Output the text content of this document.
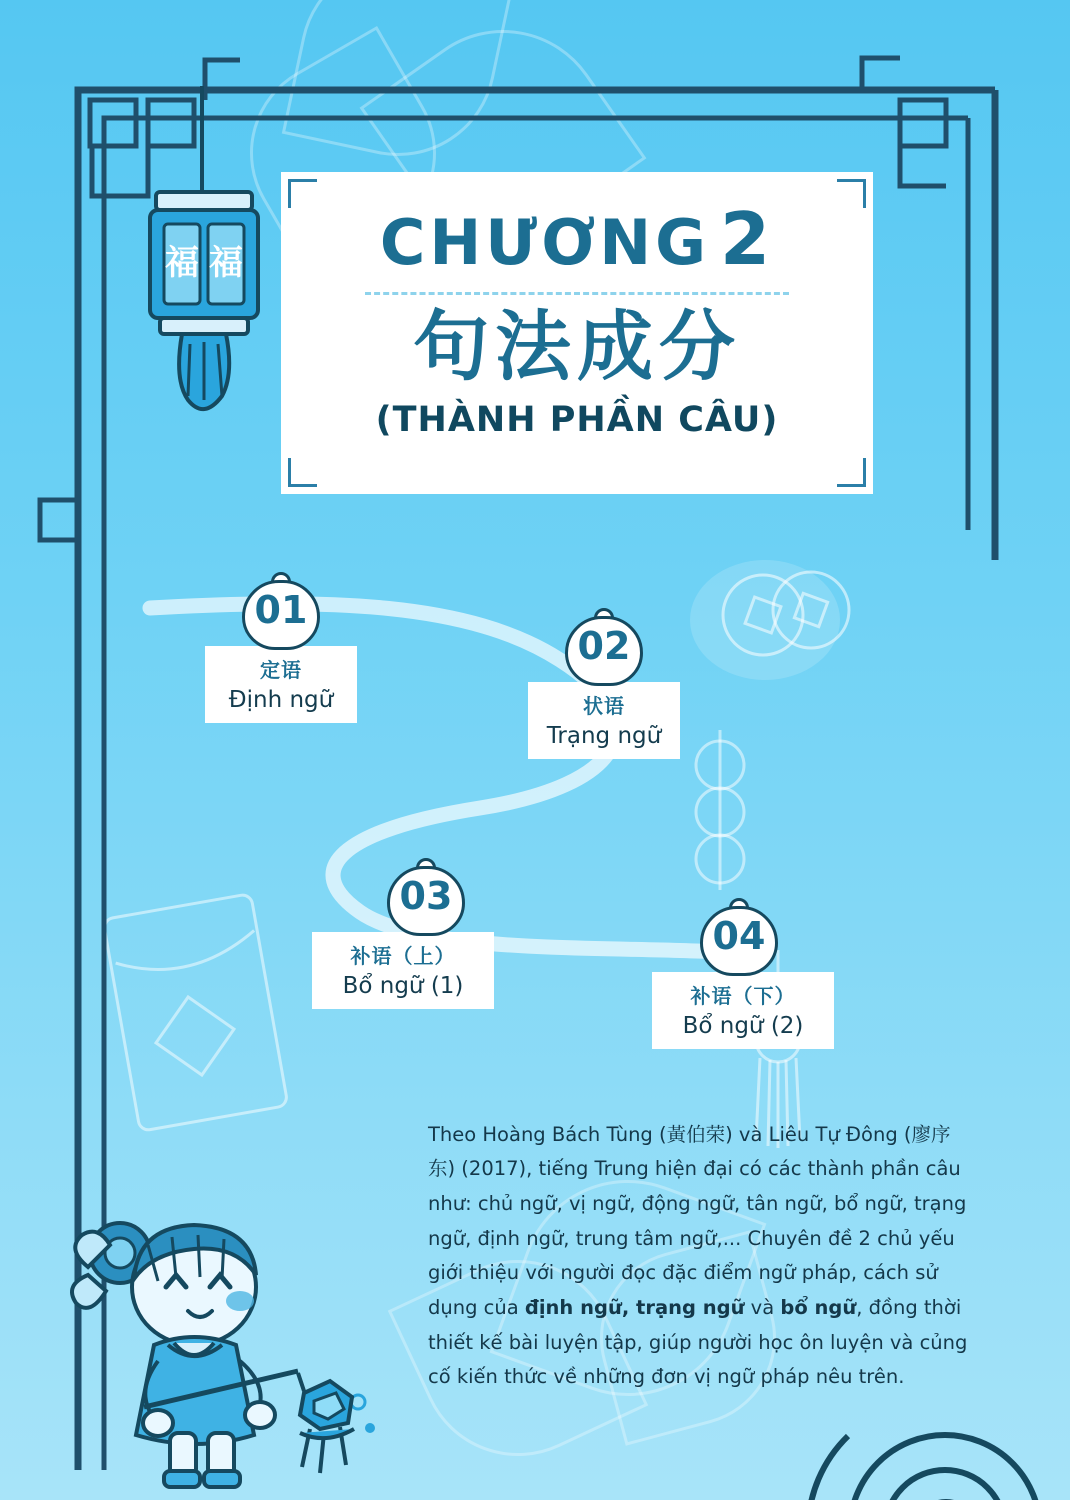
福 福	CHƯƠNG 2
句法成分
(THÀNH PHẦN CÂU)
01
定语
Định ngữ
02
状语
Trạng ngữ
03
补语（上）
Bổ ngữ (1)
04
补语（下）
Bổ ngữ (2)

Theo Hoàng Bách Tùng (黃伯荣) và Liêu Tự Đông (廖序东) (2017), tiếng Trung hiện đại có các thành phần câu như: chủ ngữ, vị ngữ, động ngữ, tân ngữ, bổ ngữ, trạng ngữ, định ngữ, trung tâm ngữ,... Chuyên đề 2 chủ yếu giới thiệu với người đọc đặc điểm ngữ pháp, cách sử dụng của định ngữ, trạng ngữ và bổ ngữ, đồng thời thiết kế bài luyện tập, giúp người học ôn luyện và củng cố kiến thức về những đơn vị ngữ pháp nêu trên.
